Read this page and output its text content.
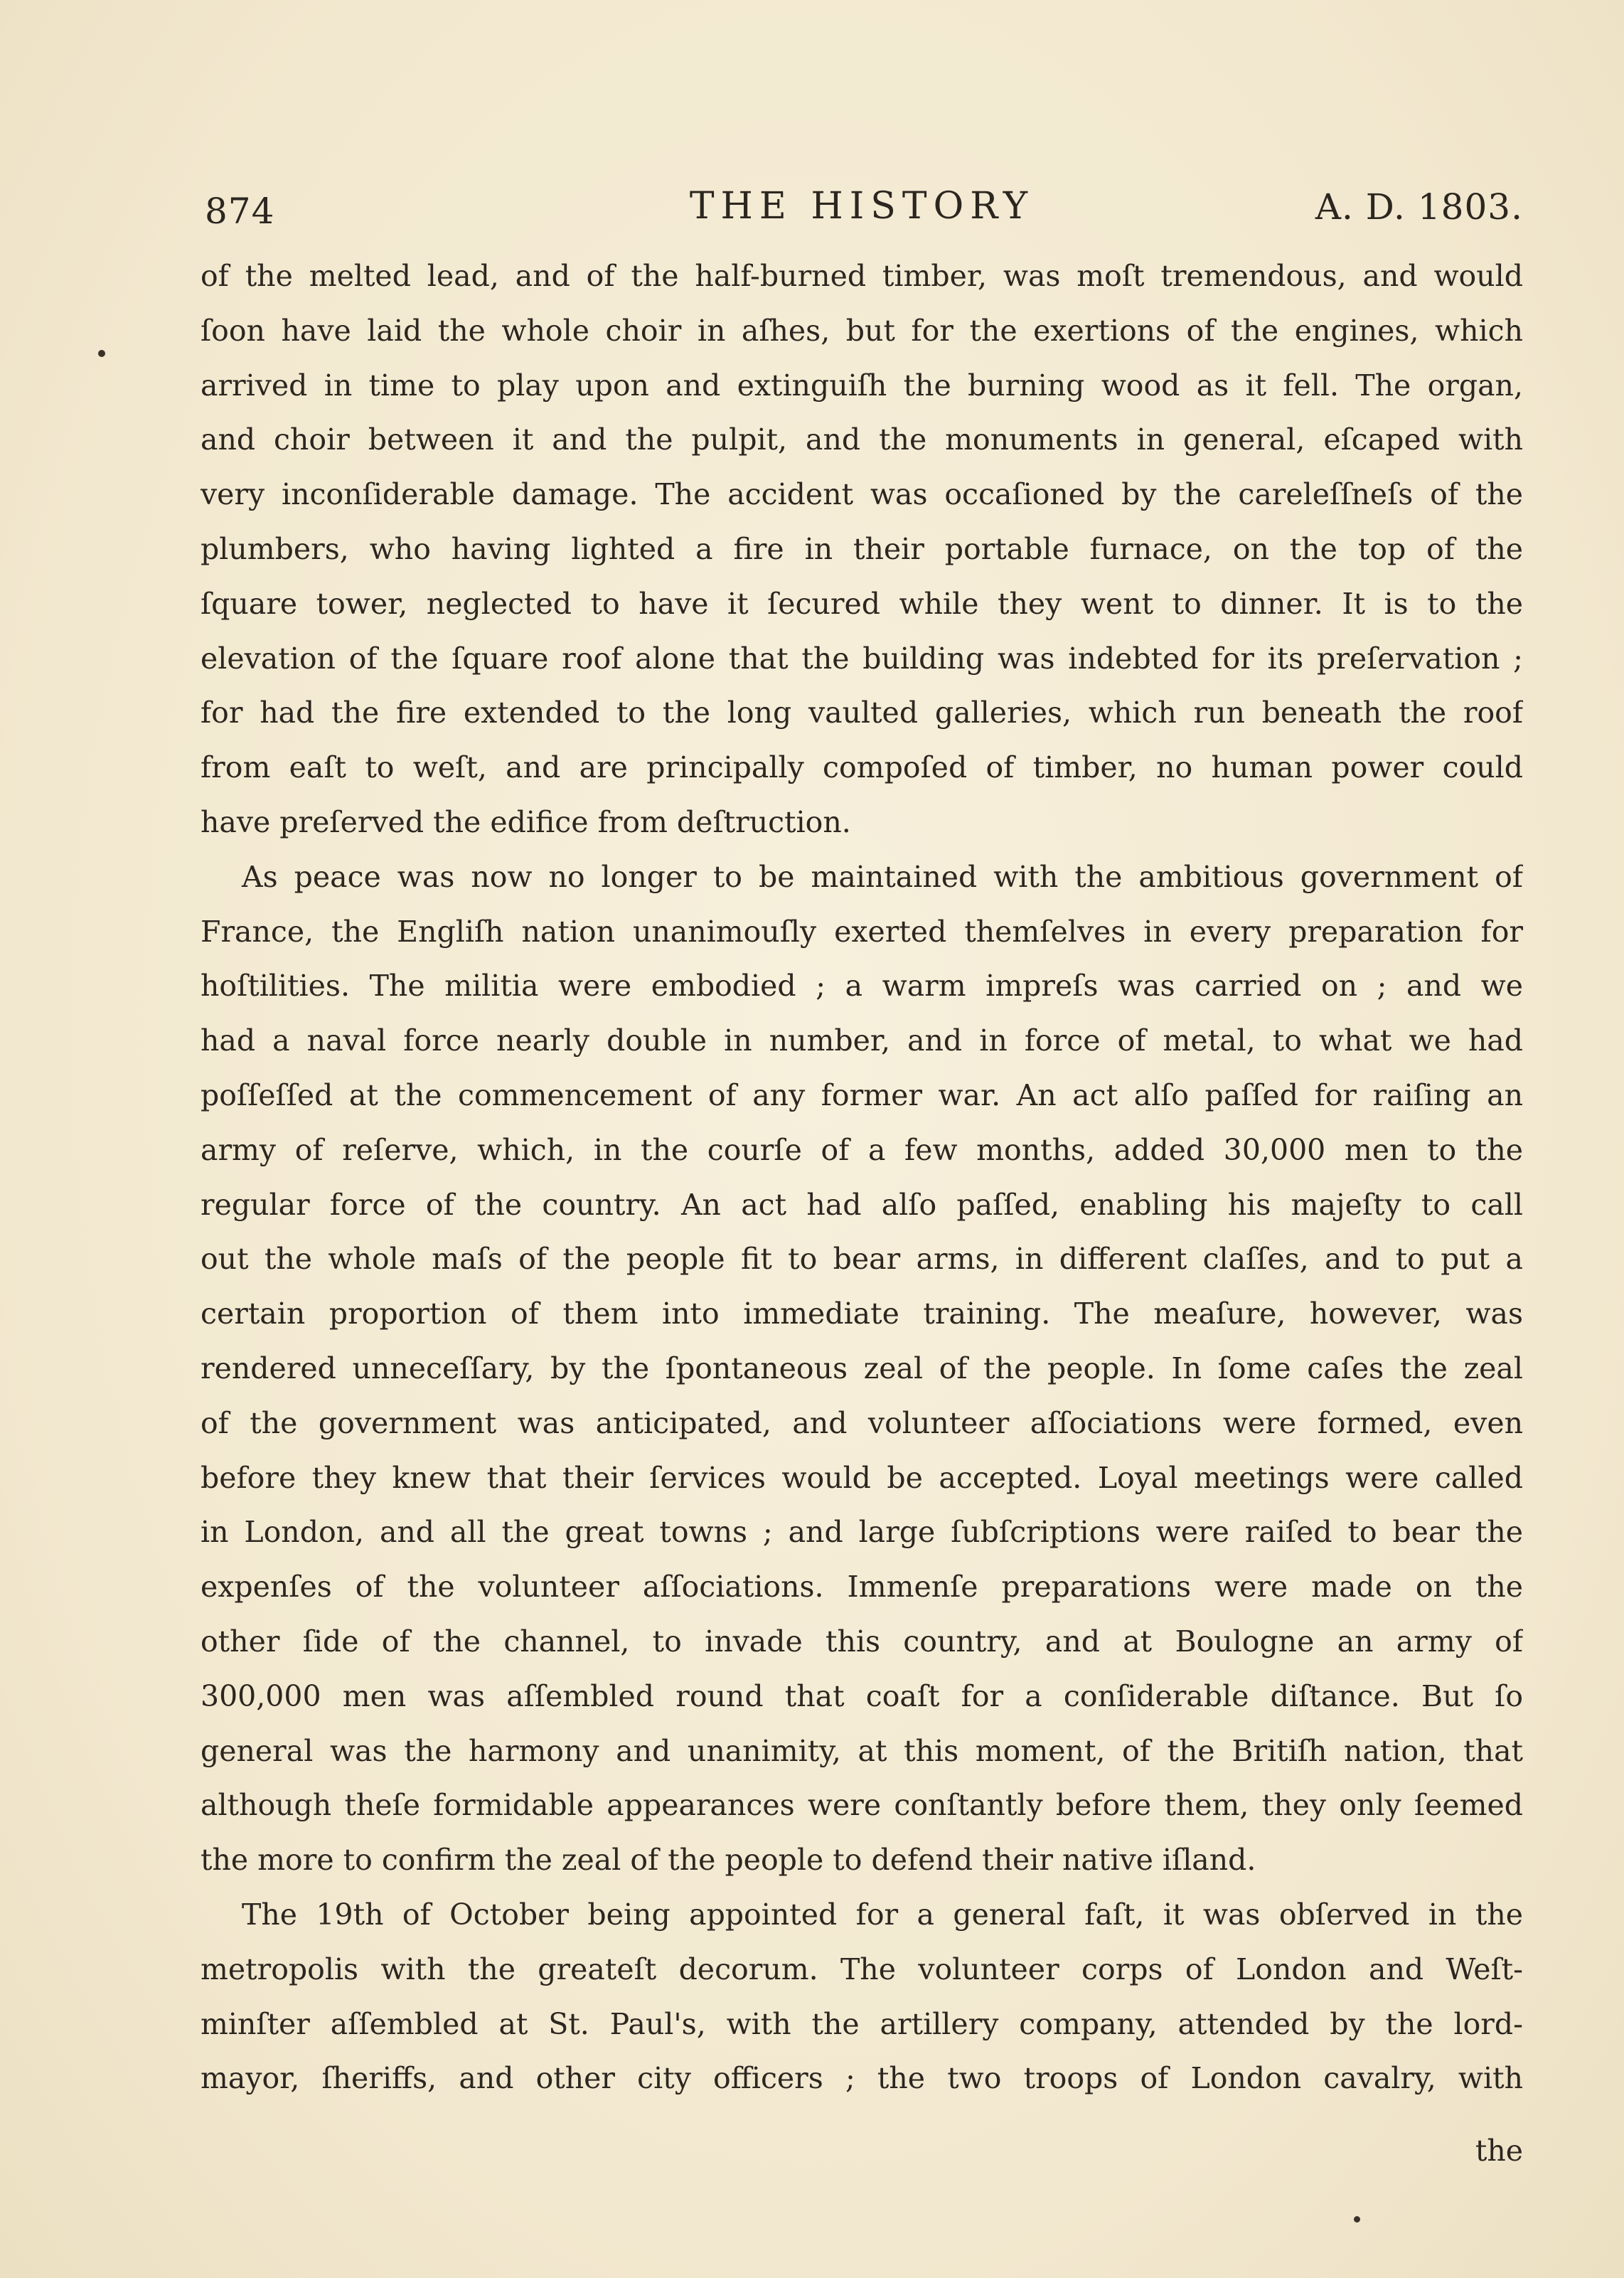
874	THE HISTORY	A. D. 1803.
of the melted lead, and of the half-burned timber, was moſt tremendous, and would
ſoon have laid the whole choir in aſhes, but for the exertions of the engines, which
arrived in time to play upon and extinguiſh the burning wood as it fell. The organ,
and choir between it and the pulpit, and the monuments in general, eſcaped with
very inconſiderable damage. The accident was occaſioned by the careleſſneſs of the
plumbers, who having lighted a fire in their portable furnace, on the top of the
ſquare tower, neglected to have it ſecured while they went to dinner. It is to the
elevation of the ſquare roof alone that the building was indebted for its preſervation ;
for had the fire extended to the long vaulted galleries, which run beneath the roof
from eaſt to weſt, and are principally compoſed of timber, no human power could
have preſerved the edifice from deſtruction.
As peace was now no longer to be maintained with the ambitious government of
France, the Engliſh nation unanimouſly exerted themſelves in every preparation for
hoſtilities. The militia were embodied ; a warm impreſs was carried on ; and we
had a naval force nearly double in number, and in force of metal, to what we had
poſſeſſed at the commencement of any former war. An act alſo paſſed for raiſing an
army of reſerve, which, in the courſe of a few months, added 30,000 men to the
regular force of the country. An act had alſo paſſed, enabling his majeſty to call
out the whole maſs of the people fit to bear arms, in different claſſes, and to put a
certain proportion of them into immediate training. The meaſure, however, was
rendered unneceſſary, by the ſpontaneous zeal of the people. In ſome caſes the zeal
of the government was anticipated, and volunteer aſſociations were formed, even
before they knew that their ſervices would be accepted. Loyal meetings were called
in London, and all the great towns ; and large ſubſcriptions were raiſed to bear the
expenſes of the volunteer aſſociations. Immenſe preparations were made on the
other ſide of the channel, to invade this country, and at Boulogne an army of
300,000 men was aſſembled round that coaſt for a conſiderable diſtance. But ſo
general was the harmony and unanimity, at this moment, of the Britiſh nation, that
although theſe formidable appearances were conſtantly before them, they only ſeemed
the more to confirm the zeal of the people to defend their native iſland.
The 19th of October being appointed for a general faſt, it was obſerved in the
metropolis with the greateſt decorum. The volunteer corps of London and Weſt-
minſter aſſembled at St. Paul's, with the artillery company, attended by the lord-
mayor, ſheriffs, and other city officers ; the two troops of London cavalry, with
the
